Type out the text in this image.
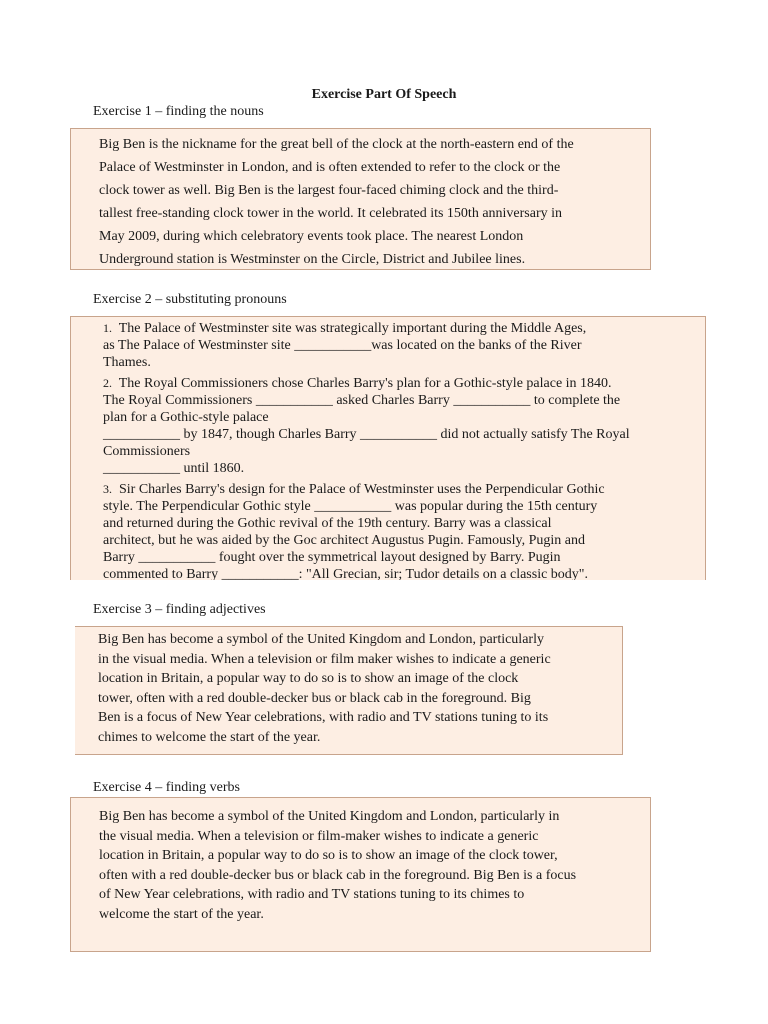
Exercise Part Of Speech
Exercise 1 – finding the nouns

Big Ben is the nickname for the great bell of the clock at the north-eastern end of the

Palace of Westminster in London, and is often extended to refer to the clock or the

clock tower as well. Big Ben is the largest four-faced chiming clock and the third-

tallest free-standing clock tower in the world. It celebrated its 150th anniversary in

May 2009, during which celebratory events took place. The nearest London

Underground station is Westminster on the Circle, District and Jubilee lines.

Exercise 2 – substituting pronouns

1. The Palace of Westminster site was strategically important during the Middle Ages,

as The Palace of Westminster site ___________was located on the banks of the River

Thames.

2. The Royal Commissioners chose Charles Barry's plan for a Gothic-style palace in 1840.

The Royal Commissioners ___________ asked Charles Barry ___________ to complete the

plan for a Gothic-style palace

___________ by 1847, though Charles Barry ___________ did not actually satisfy The Royal

Commissioners

___________ until 1860.

3. Sir Charles Barry's design for the Palace of Westminster uses the Perpendicular Gothic

style. The Perpendicular Gothic style ___________ was popular during the 15th century

and returned during the Gothic revival of the 19th century. Barry was a classical

architect, but he was aided by the Goc architect Augustus Pugin. Famously, Pugin and

Barry ___________ fought over the symmetrical layout designed by Barry. Pugin

commented to Barry ___________: "All Grecian, sir; Tudor details on a classic body".

Exercise 3 – finding adjectives

Big Ben has become a symbol of the United Kingdom and London, particularly

in the visual media. When a television or film maker wishes to indicate a generic

location in Britain, a popular way to do so is to show an image of the clock

tower, often with a red double-decker bus or black cab in the foreground. Big

Ben is a focus of New Year celebrations, with radio and TV stations tuning to its

chimes to welcome the start of the year.

Exercise 4 – finding verbs

Big Ben has become a symbol of the United Kingdom and London, particularly in

the visual media. When a television or film-maker wishes to indicate a generic

location in Britain, a popular way to do so is to show an image of the clock tower,

often with a red double-decker bus or black cab in the foreground. Big Ben is a focus

of New Year celebrations, with radio and TV stations tuning to its chimes to

welcome the start of the year.
